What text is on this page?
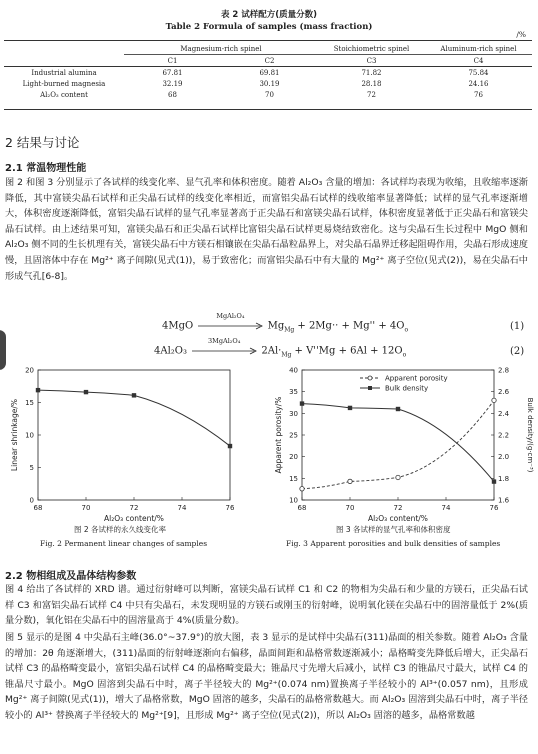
表 2 试样配方(质量分数)
Table 2 Formula of samples (mass fraction)
/%
	Magnesium-rich spinel		Stoichiometric spinel	Aluminum-rich spinel
	C1	C2	C3	C4
Industrial alumina	67.81	69.81	71.82	75.84
Light-burned magnesia	32.19	30.19	28.18	24.16
Al₂O₃ content	68	70	72	76
2 结果与讨论
2.1 常温物理性能
图 2 和图 3 分别显示了各试样的线变化率、显气孔率和体积密度。随着 Al₂O₃ 含量的增加：各试样均表现为收缩，且收缩率逐渐降低，其中富镁尖晶石试样和正尖晶石试样的线变化率相近，而富铝尖晶石试样的线收缩率显著降低；试样的显气孔率逐渐增大，体积密度逐渐降低，富铝尖晶石试样的显气孔率显著高于正尖晶石和富镁尖晶石试样，体积密度显著低于正尖晶石和富镁尖晶石试样。由上述结果可知，富镁尖晶石和正尖晶石试样比富铝尖晶石试样更易烧结致密化。这与尖晶石生长过程中 MgO 侧和 Al₂O₃ 侧不同的生长机理有关，富镁尖晶石中方镁石相镶嵌在尖晶石晶粒晶界上，对尖晶石晶界迁移起阻碍作用，尖晶石形成速度慢，且固溶体中存在 Mg²⁺ 离子间隙(见式(1))，易于致密化；而富铝尖晶石中有大量的 Mg²⁺ 离子空位(见式(2))，易在尖晶石中形成气孔[6-8]。
4MgO
MgAl₂O₄
$Mg_{Mg} + 2Mg\cdot\cdot + Mg'' + 4O_o$	(1)
4Al₂O₃
3MgAl₂O₄
$2Al\cdot_{Mg} + V''Mg + 6Al + 12O_o$	(2)
68	70	72	74	76
0
5
10
15
20
Al₂O₃ content/%
Linear shrinkage/%
68	70	72	74	76
10
15
20
25
30
35
40
1.6
1.8
2.0
2.2
2.4
2.6
2.8
Apparent porosity
Bulk density
Al₂O₃ content/%
Apparent porosity/%	Bulk density/(g·cm⁻³)
图 2 各试样的永久线变化率
Fig. 2 Permanent linear changes of samples
图 3 各试样的显气孔率和体积密度
Fig. 3 Apparent porosities and bulk densities of samples
2.2 物相组成及晶体结构参数
图 4 给出了各试样的 XRD 谱。通过衍射峰可以判断，富镁尖晶石试样 C1 和 C2 的物相为尖晶石和少量的方镁石，正尖晶石试样 C3 和富铝尖晶石试样 C4 中只有尖晶石，未发现明显的方镁石或刚玉的衍射峰，说明氧化镁在尖晶石中的固溶量低于 2%(质量分数)，氧化铝在尖晶石中的固溶量高于 4%(质量分数)。
图 5 显示的是图 4 中尖晶石主峰(36.0°~37.9°)的放大图，表 3 显示的是试样中尖晶石(311)晶面的相关参数。随着 Al₂O₃ 含量的增加：2θ 角逐渐增大，(311)晶面的衍射峰逐渐向右偏移，晶面间距和晶格常数逐渐减小；晶格畸变先降低后增大，正尖晶石试样 C3 的晶格畸变最小，富铝尖晶石试样 C4 的晶格畸变最大；锥晶尺寸先增大后减小，试样 C3 的锥晶尺寸最大，试样 C4 的锥晶尺寸最小。MgO 固溶到尖晶石中时，离子半径较大的 Mg²⁺(0.074 nm)置换离子半径较小的 Al³⁺(0.057 nm)，且形成 Mg²⁺ 离子间隙(见式(1))，增大了晶格常数，MgO 固溶的越多，尖晶石的晶格常数越大。而 Al₂O₃ 固溶到尖晶石中时，离子半径较小的 Al³⁺ 替换离子半径较大的 Mg²⁺[9]，且形成 Mg²⁺ 离子空位(见式(2))，所以 Al₂O₃ 固溶的越多，晶格常数越
